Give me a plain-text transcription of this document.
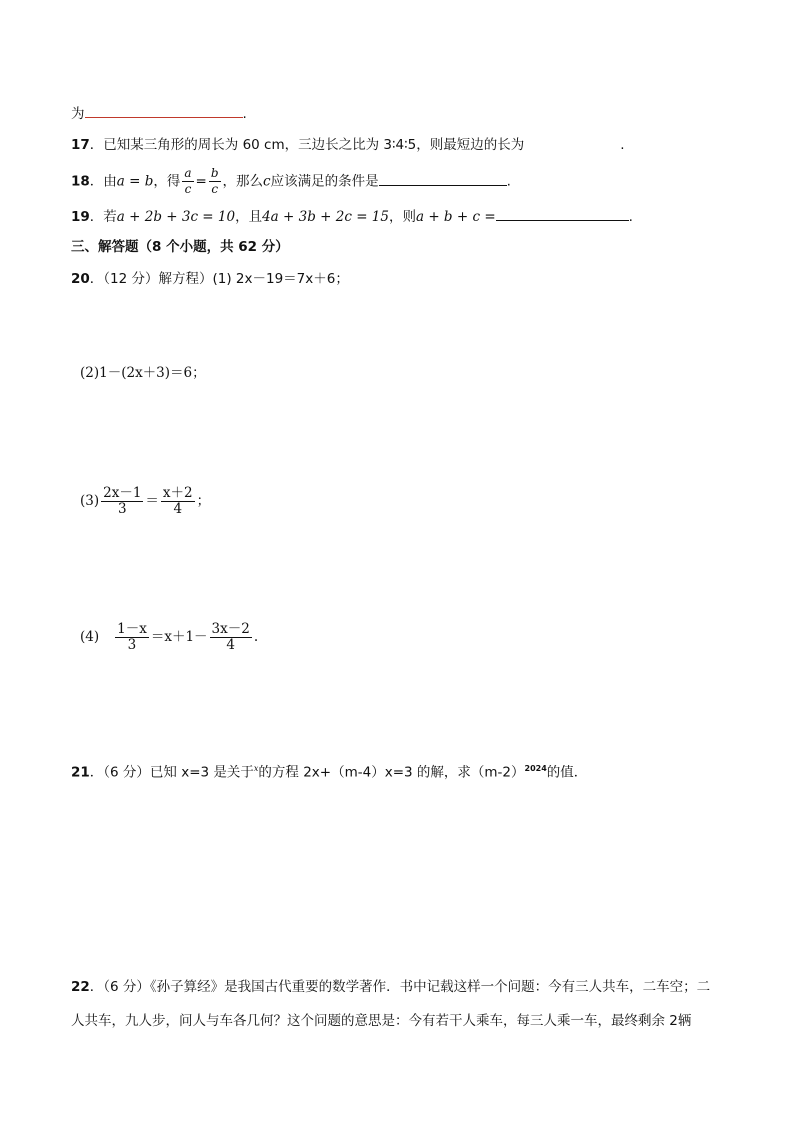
为	.
17．已知某三角形的周长为 60 cm，三边长之比为 3∶4∶5，则最短边的长为	.
18．由a = b，得 $\frac{a}{c} = \frac{b}{c}$ ，那么c应该满足的条件是	.
19．若a + 2b + 3c = 10，且4a + 3b + 2c = 15，则a + b + c =	.
三、解答题（8 个小题，共 62 分）
20．（12 分）解方程）(1) 2x－19＝7x＋6；
(2)1－(2x＋3)＝6；
$(3) \frac{2x-1}{3} = \frac{x+2}{4}$ ；
$(4) \frac{1-x}{3} =x+1- \frac{3x-2}{4}$ .
21．（6 分）已知 x=3 是关于$^x$的方程 2x+（m-4）x=3 的解，求$(m-2)^{2024}$的值．
22．（6 分）《孙子算经》是我国古代重要的数学著作．书中记载这样一个问题：今有三人共车，二车空；二
人共车，九人步，问人与车各几何？这个问题的意思是：今有若干人乘车，每三人乘一车，最终剩余 2辆
